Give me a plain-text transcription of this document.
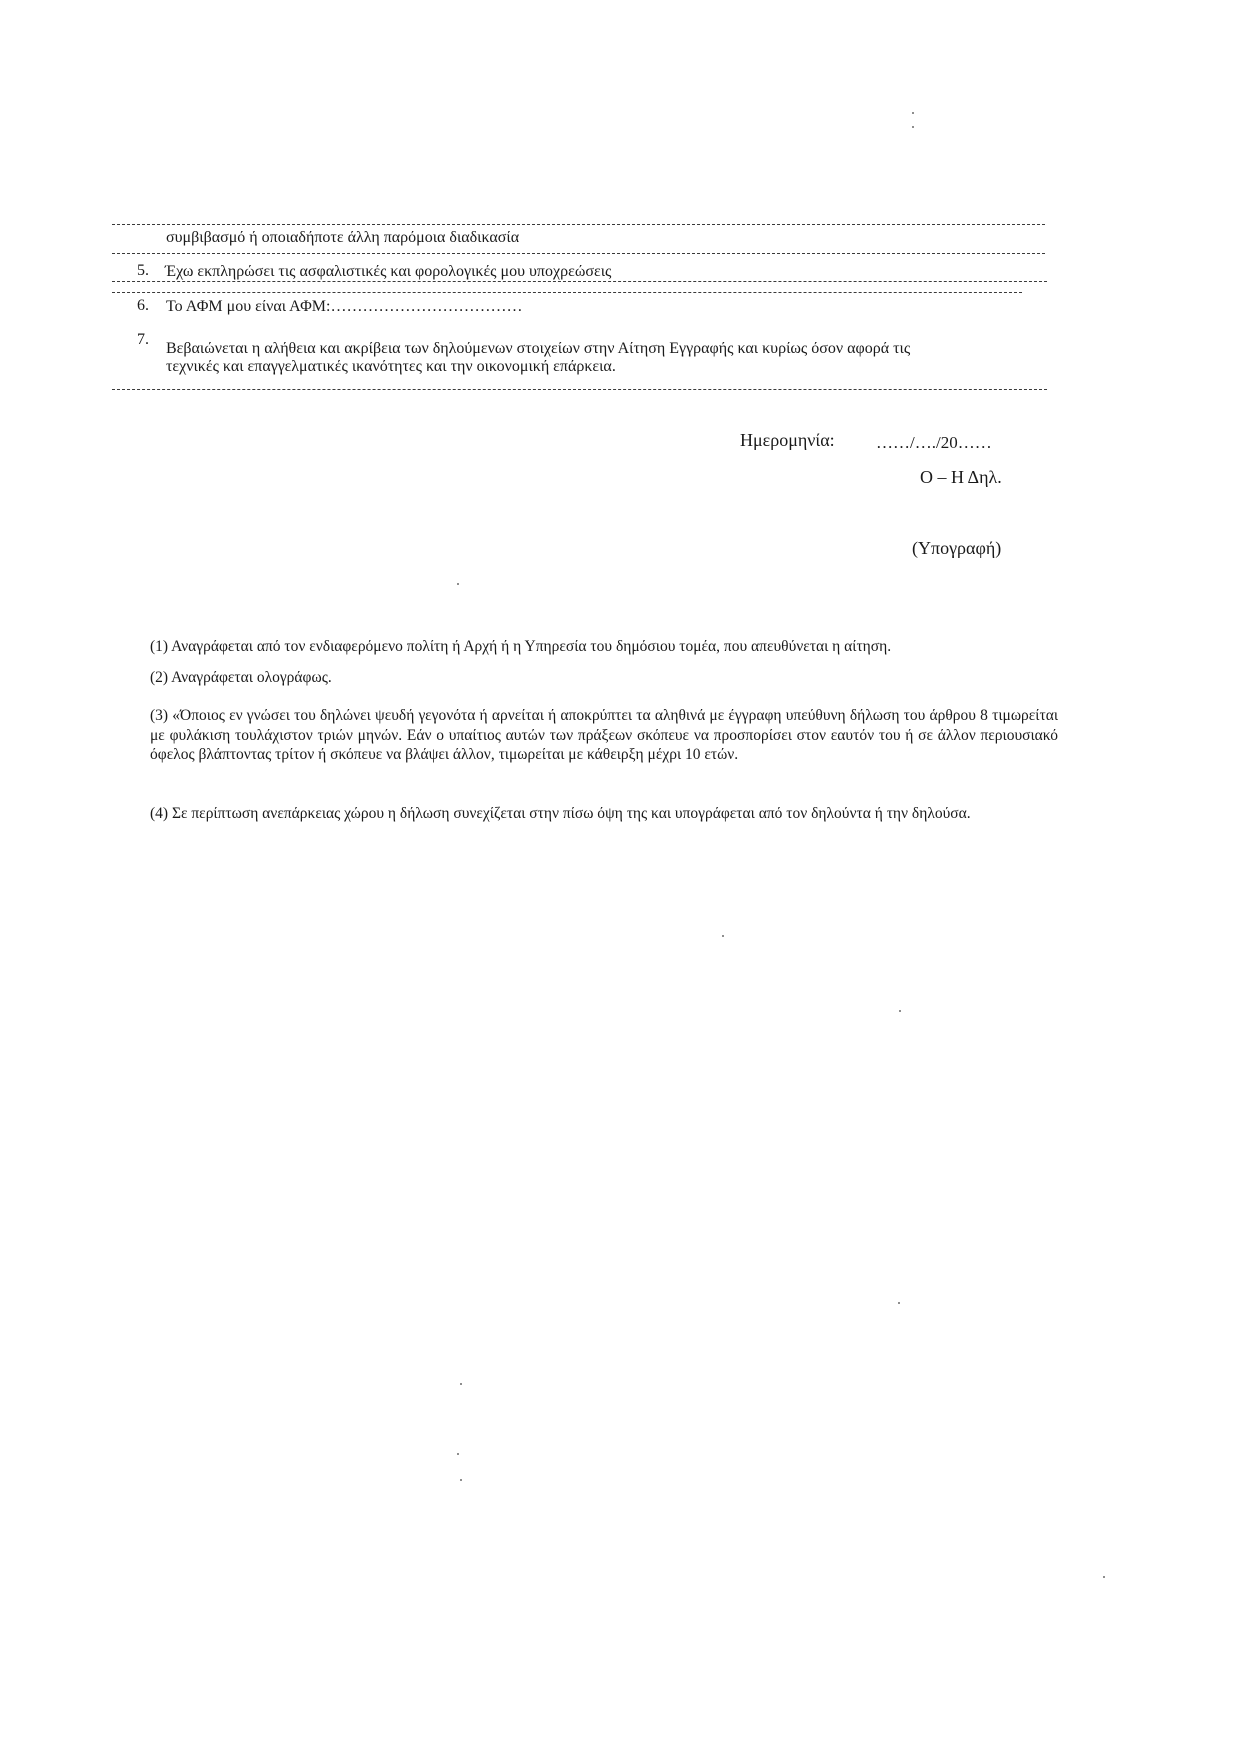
συμβιβασμό ή οποιαδήποτε άλλη παρόμοια διαδικασία
5. Έχω εκπληρώσει τις ασφαλιστικές και φορολογικές μου υποχρεώσεις
6. Το ΑΦΜ μου είναι ΑΦΜ:………………………………
7.
Βεβαιώνεται η αλήθεια και ακρίβεια των δηλούμενων στοιχείων στην Αίτηση Εγγραφής και κυρίως όσον αφορά τις
τεχνικές και επαγγελματικές ικανότητες και την οικονομική επάρκεια.
Ημερομηνία: ……/…./20……
Ο – Η Δηλ.
(Υπογραφή)
(1) Αναγράφεται από τον ενδιαφερόμενο πολίτη ή Αρχή ή η Υπηρεσία του δημόσιου τομέα, που απευθύνεται η αίτηση.
(2) Αναγράφεται ολογράφως.
(3) «Όποιος εν γνώσει του δηλώνει ψευδή γεγονότα ή αρνείται ή αποκρύπτει τα αληθινά με έγγραφη υπεύθυνη δήλωση του άρθρου 8 τιμωρείται με φυλάκιση τουλάχιστον τριών μηνών. Εάν ο υπαίτιος αυτών των πράξεων σκόπευε να προσπορίσει στον εαυτόν του ή σε άλλον περιουσιακό όφελος βλάπτοντας τρίτον ή σκόπευε να βλάψει άλλον, τιμωρείται με κάθειρξη μέχρι 10 ετών.
(4) Σε περίπτωση ανεπάρκειας χώρου η δήλωση συνεχίζεται στην πίσω όψη της και υπογράφεται από τον δηλούντα ή την δηλούσα.
